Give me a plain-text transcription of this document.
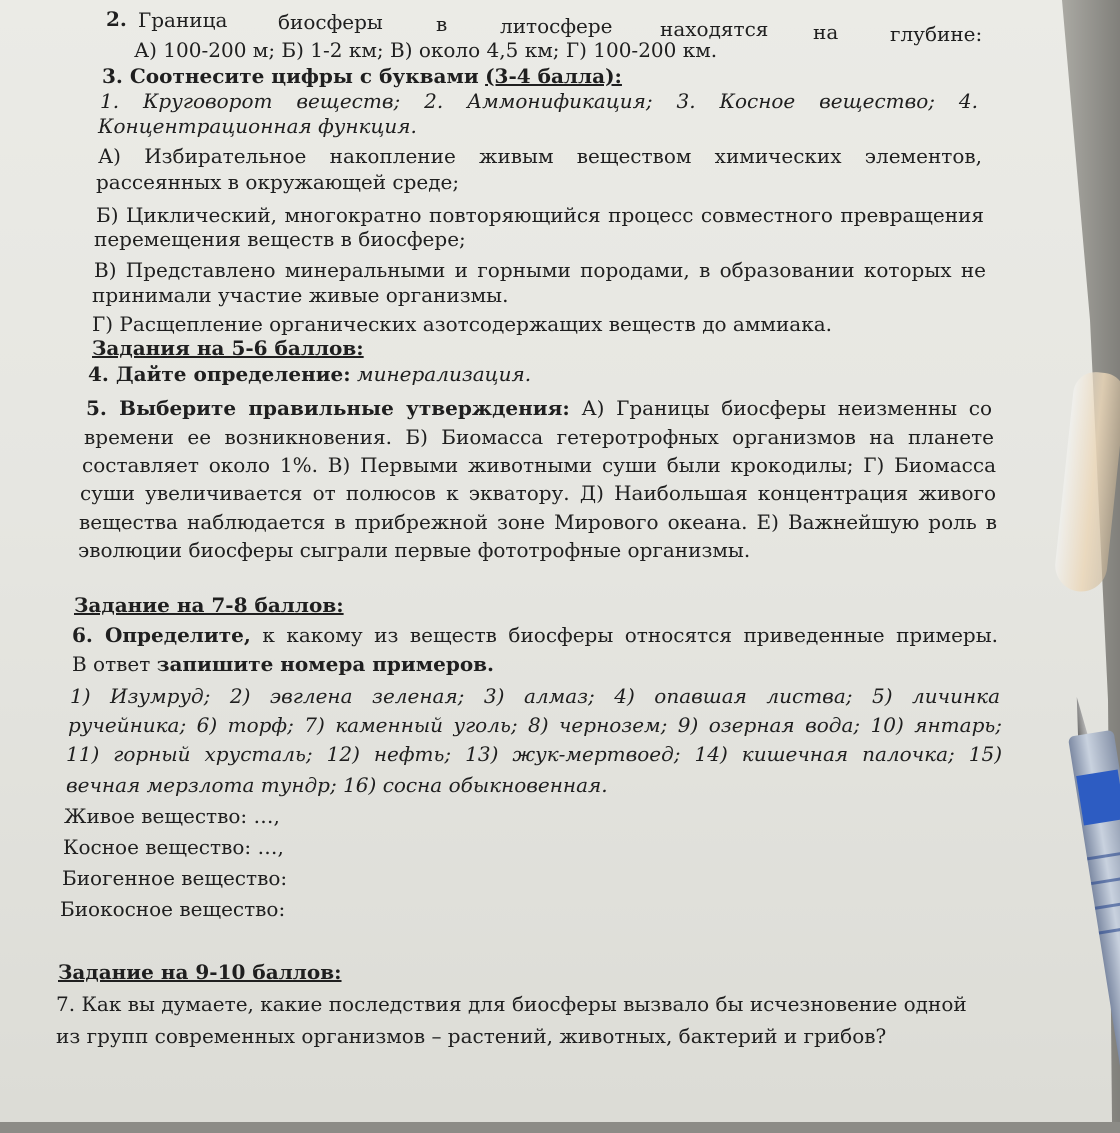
2. Граница	биосферы	в	литосфере находятся на	глубине:
А) 100-200 м; Б) 1-2 км; В) около 4,5 км; Г) 100-200 км.
3. Соотнесите цифры с буквами (3-4 балла):
1. Круговорот веществ; 2. Аммонификация; 3. Косное вещество; 4.
Концентрационная функция.
А) Избирательное накопление живым веществом химических элементов,
рассеянных в окружающей среде;
Б) Циклический, многократно повторяющийся процесс совместного превращения
перемещения веществ в биосфере;
В) Представлено минеральными и горными породами, в образовании которых не
принимали участие живые организмы.
Г) Расщепление органических азотсодержащих веществ до аммиака.
Задания на 5-6 баллов:
4. Дайте определение: минерализация.
5. Выберите правильные утверждения: А) Границы биосферы неизменны со
времени ее возникновения. Б) Биомасса гетеротрофных организмов на планете
составляет около 1%. В) Первыми животными суши были крокодилы; Г) Биомасса
суши увеличивается от полюсов к экватору. Д) Наибольшая концентрация живого
вещества наблюдается в прибрежной зоне Мирового океана. Е) Важнейшую роль в
эволюции биосферы сыграли первые фототрофные организмы.
Задание на 7-8 баллов:
6. Определите, к какому из веществ биосферы относятся приведенные примеры.
В ответ запишите номера примеров.
1) Изумруд; 2) эвглена зеленая; 3) алмаз; 4) опавшая листва; 5) личинка
ручейника; 6) торф; 7) каменный уголь; 8) чернозем; 9) озерная вода; 10) янтарь;
11) горный хрусталь; 12) нефть; 13) жук-мертвоед; 14) кишечная палочка; 15)
вечная мерзлота тундр; 16) сосна обыкновенная.
Живое вещество: …,
Косное вещество: …,
Биогенное вещество:
Биокосное вещество:
Задание на 9-10 баллов:
7. Как вы думаете, какие последствия для биосферы вызвало бы исчезновение одной
из групп современных организмов – растений, животных, бактерий и грибов?
